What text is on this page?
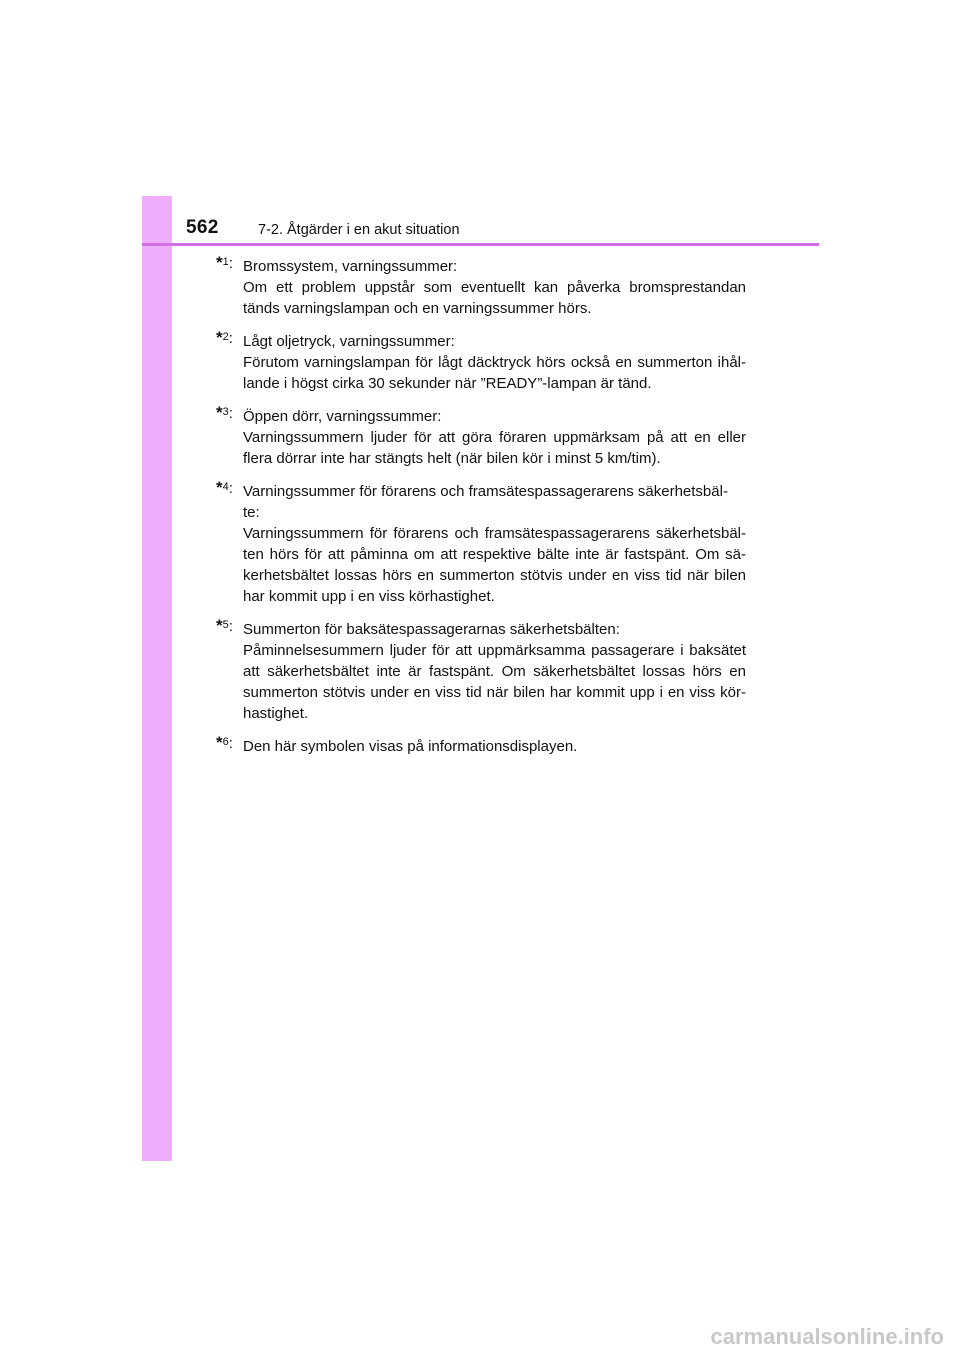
562	7-2. Åtgärder i en akut situation
*$^1$: Bromssystem, varningssummer:
Om ett problem uppstår som eventuellt kan påverka bromsprestandan tänds varningslampan och en varningssummer hörs.
*$^2$: Lågt oljetryck, varningssummer:
Förutom varningslampan för lågt däcktryck hörs också en summerton ihål- lande i högst cirka 30 sekunder när ”READY”-lampan är tänd.
*$^3$: Öppen dörr, varningssummer:
Varningssummern ljuder för att göra föraren uppmärksam på att en eller flera dörrar inte har stängts helt (när bilen kör i minst 5 km/tim).
*$^4$: Varningssummer för förarens och framsätespassagerarens säkerhetsbäl- te:
Varningssummern för förarens och framsätespassagerarens säkerhetsbäl- ten hörs för att påminna om att respektive bälte inte är fastspänt. Om sä- kerhetsbältet lossas hörs en summerton stötvis under en viss tid när bilen har kommit upp i en viss körhastighet.
*$^5$: Summerton för baksätespassagerarnas säkerhetsbälten:
Påminnelsesummern ljuder för att uppmärksamma passagerare i baksätet att säkerhetsbältet inte är fastspänt. Om säkerhetsbältet lossas hörs en summerton stötvis under en viss tid när bilen har kommit upp i en viss kör- hastighet.
*$^6$: Den här symbolen visas på informationsdisplayen.
carmanualsonline.info
